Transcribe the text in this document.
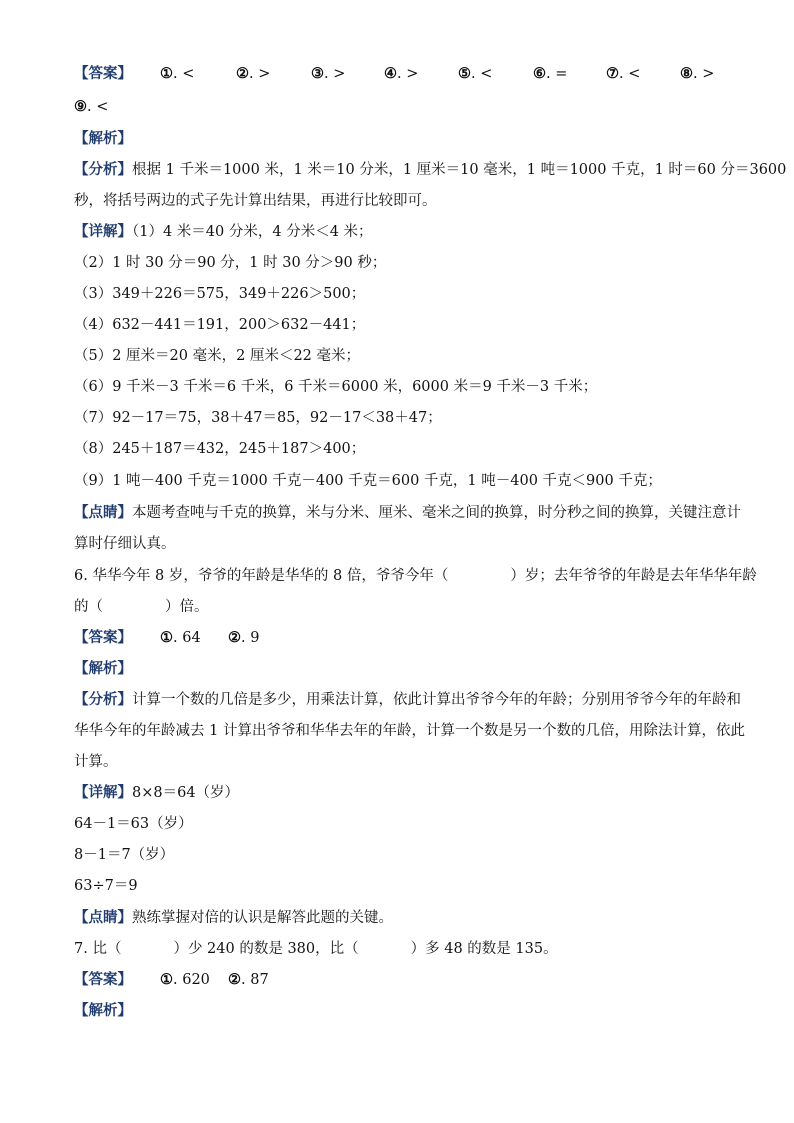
【答案】 ①. <	②. >	③. >	④. >	⑤. <	⑥. =	⑦. <	⑧. >
⑨. <
【解析】
【分析】根据 1 千米＝1000 米，1 米＝10 分米，1 厘米＝10 毫米，1 吨＝1000 千克，1 时＝60 分＝3600
秒，将括号两边的式子先计算出结果，再进行比较即可。
【详解】（1）4 米＝40 分米，4 分米＜4 米；
（2）1 时 30 分＝90 分，1 时 30 分＞90 秒；
（3）349＋226＝575，349＋226＞500；
（4）632－441＝191，200＞632－441；
（5）2 厘米＝20 毫米，2 厘米＜22 毫米；
（6）9 千米－3 千米＝6 千米，6 千米＝6000 米，6000 米＝9 千米－3 千米；
（7）92－17＝75，38＋47＝85，92－17＜38＋47；
（8）245＋187＝432，245＋187＞400；
（9）1 吨－400 千克＝1000 千克－400 千克＝600 千克，1 吨－400 千克＜900 千克；
【点睛】本题考查吨与千克的换算，米与分米、厘米、毫米之间的换算，时分秒之间的换算，关键注意计
算时仔细认真。
6. 华华今年 8 岁，爷爷的年龄是华华的 8 倍，爷爷今年（	）岁；去年爷爷的年龄是去年华华年龄
的（	）倍。
【答案】 ①. 64 ②. 9
【解析】
【分析】计算一个数的几倍是多少，用乘法计算，依此计算出爷爷今年的年龄；分别用爷爷今年的年龄和
华华今年的年龄减去 1 计算出爷爷和华华去年的年龄，计算一个数是另一个数的几倍，用除法计算，依此
计算。
【详解】8×8＝64（岁）
64－1＝63（岁）
8－1＝7（岁）
63÷7＝9
【点睛】熟练掌握对倍的认识是解答此题的关键。
7. 比（	）少 240 的数是 380，比（	）多 48 的数是 135。
【答案】 ①. 620 ②. 87
【解析】
